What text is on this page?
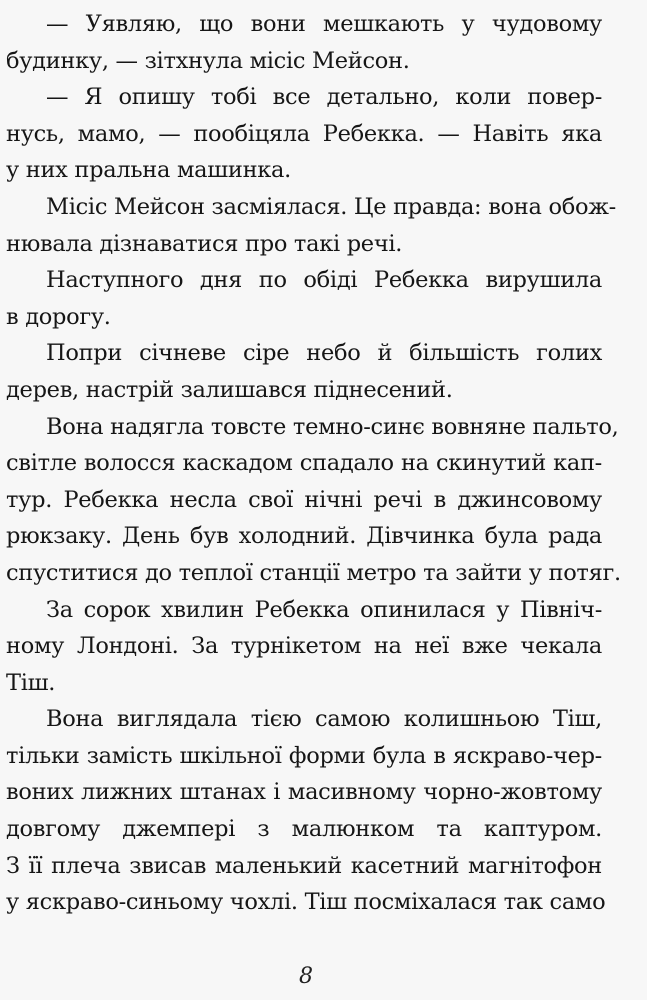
— Уявляю, що вони мешкають у чудовому
будинку, — зітхнула місіс Мейсон.
— Я опишу тобі все детально, коли повер-
нусь, мамо, — пообіцяла Ребекка. — Навіть яка
у них пральна машинка.
Місіс Мейсон засміялася. Це правда: вона обож-
нювала дізнаватися про такі речі.
Наступного дня по обіді Ребекка вирушила
в дорогу.
Попри січневе сіре небо й більшість голих
дерев, настрій залишався піднесений.
Вона надягла товсте темно-синє вовняне пальто,
світле волосся каскадом спадало на скинутий кап-
тур. Ребекка несла свої нічні речі в джинсовому
рюкзаку. День був холодний. Дівчинка була рада
спуститися до теплої станції метро та зайти у потяг.
За сорок хвилин Ребекка опинилася у Північ-
ному Лондоні. За турнікетом на неї вже чекала
Тіш.
Вона виглядала тією самою колишньою Тіш,
тільки замість шкільної форми була в яскраво-чер-
воних лижних штанах і масивному чорно-жовтому
довгому джемпері з малюнком та каптуром.
З її плеча звисав маленький касетний магнітофон
у яскраво-синьому чохлі. Тіш посміхалася так само
8
